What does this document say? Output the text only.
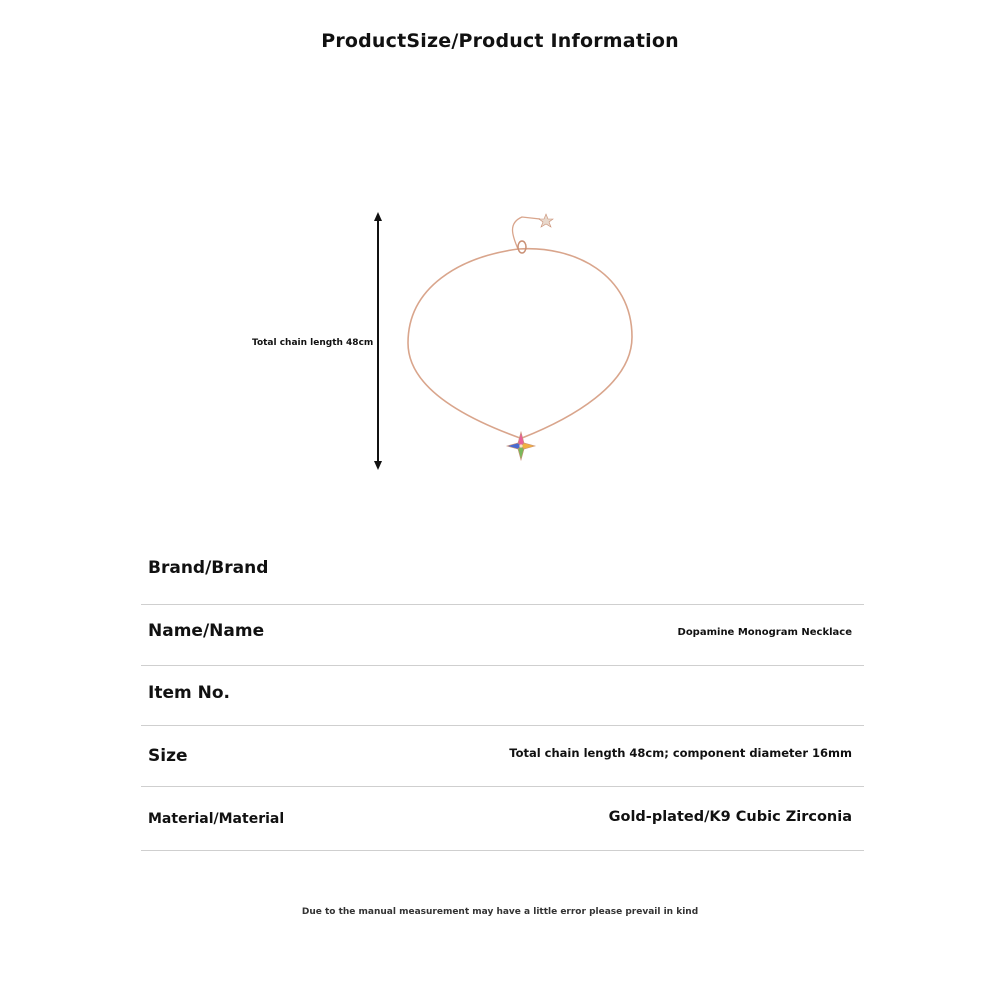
ProductSize/Product Information
Total chain length 48cm
Brand/Brand
Name/Name	Dopamine Monogram Necklace
Item No.
Size	Total chain length 48cm; component diameter 16mm
Material/Material	Gold-plated/K9 Cubic Zirconia
Due to the manual measurement may have a little error please prevail in kind
